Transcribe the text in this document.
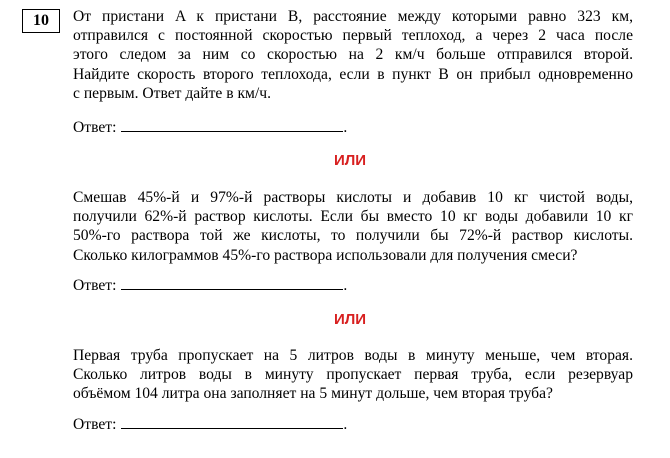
10	От пристани A к пристани B, расстояние между которыми равно 323 км,
отправился с постоянной скоростью первый теплоход, а через 2 часа после
этого следом за ним со скоростью на 2 км/ч больше отправился второй.
Найдите скорость второго теплохода, если в пункт B он прибыл одновременно
с первым. Ответ дайте в км/ч.
Ответ:	.
ИЛИ
Смешав 45%-й и 97%-й растворы кислоты и добавив 10 кг чистой воды,
получили 62%-й раствор кислоты. Если бы вместо 10 кг воды добавили 10 кг
50%-го раствора той же кислоты, то получили бы 72%-й раствор кислоты.
Сколько килограммов 45%-го раствора использовали для получения смеси?
Ответ:	.
ИЛИ
Первая труба пропускает на 5 литров воды в минуту меньше, чем вторая.
Сколько литров воды в минуту пропускает первая труба, если резервуар
объёмом 104 литра она заполняет на 5 минут дольше, чем вторая труба?
Ответ:	.
